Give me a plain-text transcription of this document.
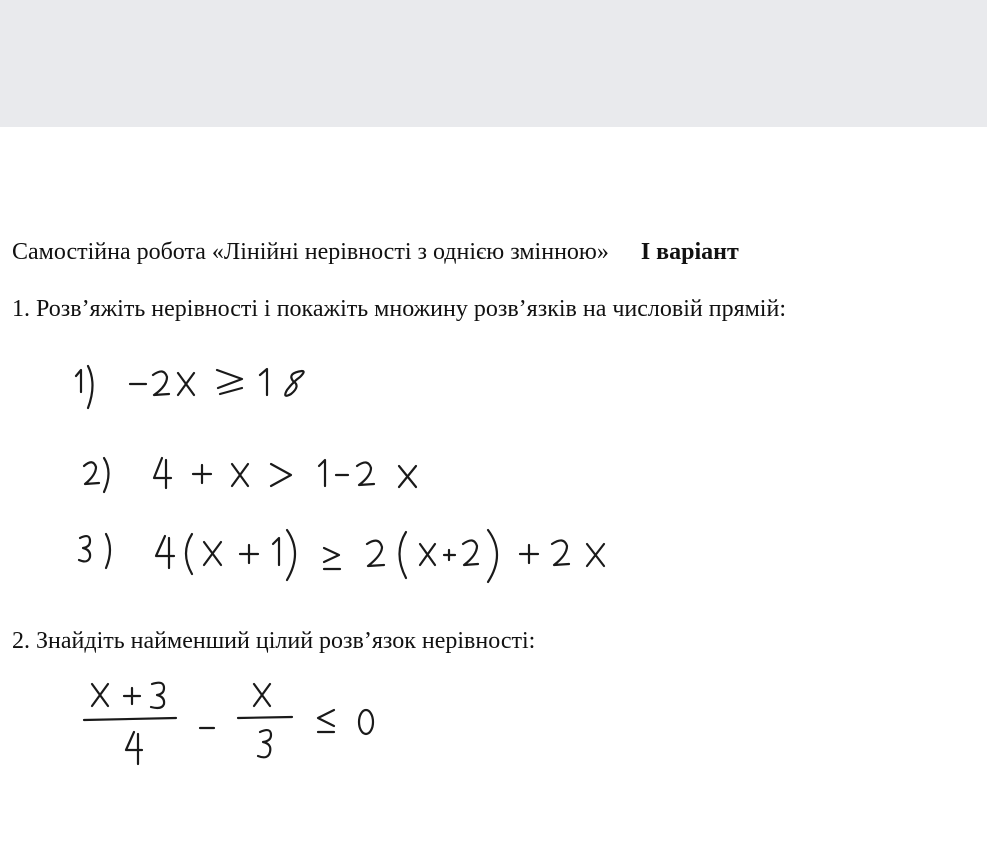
Самостійна робота «Лінійні нерівності з однією змінною» I варіант
1. Розв’яжіть нерівності і покажіть множину розв’язків на числовій прямій:
2. Знайдіть найменший цілий розв’язок нерівності:
